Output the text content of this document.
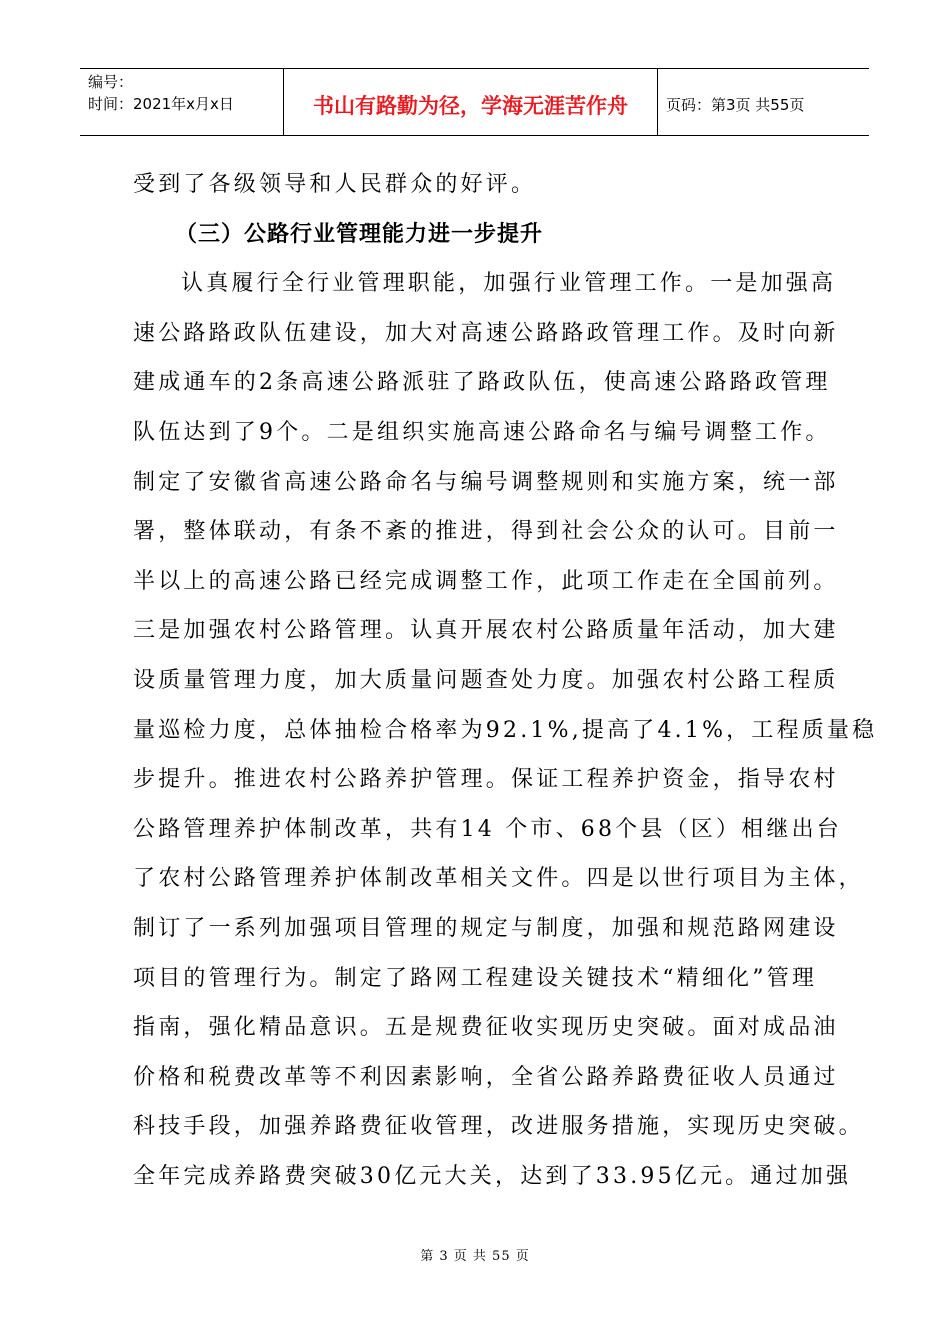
编号：
时间：2021年x月x日	书山有路勤为径，学海无涯苦作舟	页码：第3页 共55页
受到了各级领导和人民群众的好评。
（三）公路行业管理能力进一步提升
认真履行全行业管理职能，加强行业管理工作。一是加强高
速公路路政队伍建设，加大对高速公路路政管理工作。及时向新
建成通车的2条高速公路派驻了路政队伍，使高速公路路政管理
队伍达到了9个。二是组织实施高速公路命名与编号调整工作。
制定了安徽省高速公路命名与编号调整规则和实施方案，统一部
署，整体联动，有条不紊的推进，得到社会公众的认可。目前一
半以上的高速公路已经完成调整工作，此项工作走在全国前列。
三是加强农村公路管理。认真开展农村公路质量年活动，加大建
设质量管理力度，加大质量问题查处力度。加强农村公路工程质
量巡检力度，总体抽检合格率为92.1%,提高了4.1%，工程质量稳
步提升。推进农村公路养护管理。保证工程养护资金，指导农村
公路管理养护体制改革，共有14 个市、68个县（区）相继出台
了农村公路管理养护体制改革相关文件。四是以世行项目为主体，
制订了一系列加强项目管理的规定与制度，加强和规范路网建设
项目的管理行为。制定了路网工程建设关键技术“精细化”管理
指南，强化精品意识。五是规费征收实现历史突破。面对成品油
价格和税费改革等不利因素影响，全省公路养路费征收人员通过
科技手段，加强养路费征收管理，改进服务措施，实现历史突破。
全年完成养路费突破30亿元大关，达到了33.95亿元。通过加强
第 3 页 共 55 页
